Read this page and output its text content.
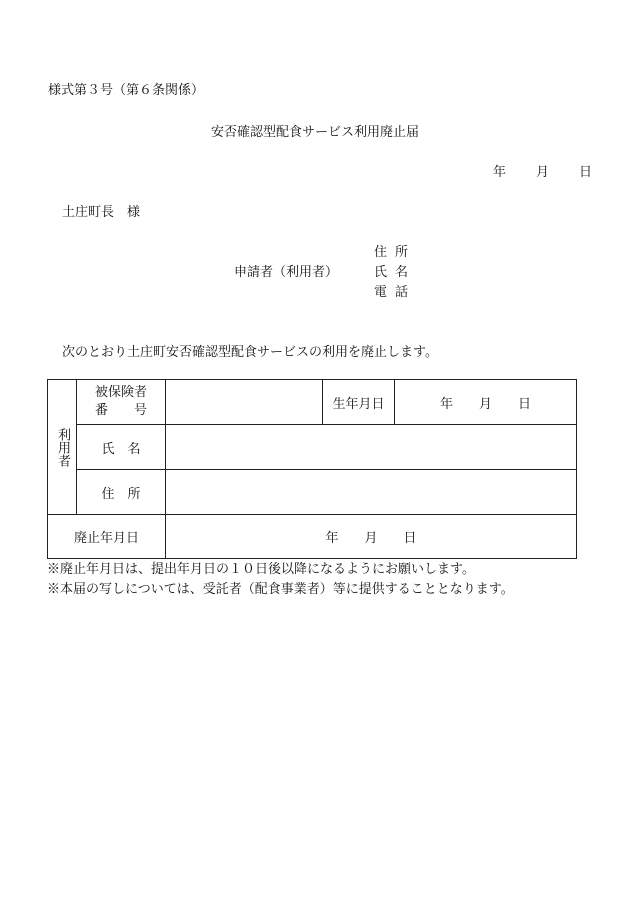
様式第３号（第６条関係）
安否確認型配食サービス利用廃止届
年 月 日
土庄町長　様
住所
申請者（利用者）	氏名
電話
次のとおり土庄町安否確認型配食サービスの利用を廃止します。
利用者	被保険者
番　　号		生年月日	年　　月　　日
	氏　名			
	住　所			
廃止年月日		年　　月　　日		
※廃止年月日は、提出年月日の１０日後以降になるようにお願いします。
※本届の写しについては、受託者（配食事業者）等に提供することとなります。
